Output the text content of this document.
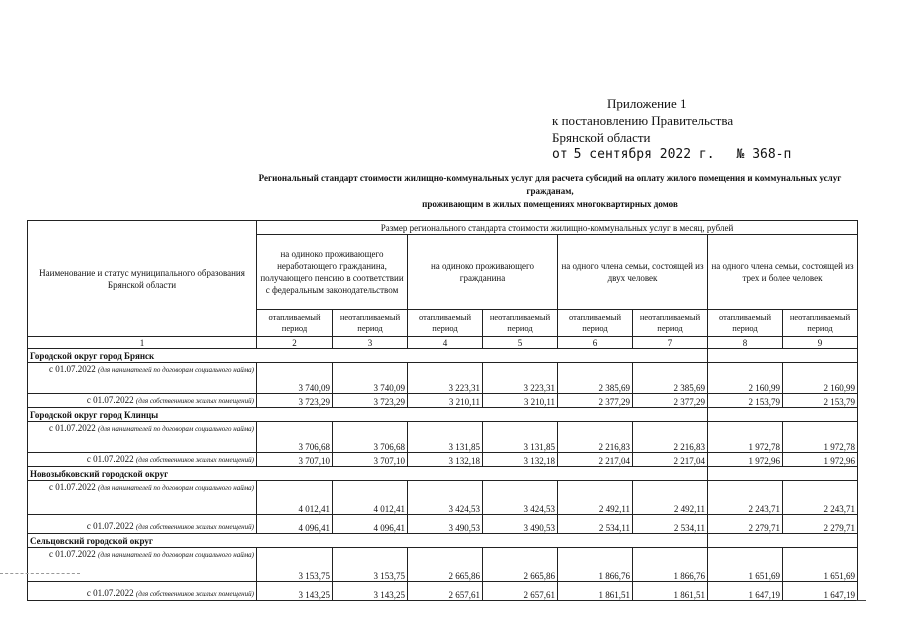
Приложение 1
к постановлению Правительства
Брянской области
от 5 сентября 2022 г. № 368-п
Региональный стандарт стоимости жилищно-коммунальных услуг для расчета субсидий на оплату жилого помещения и коммунальных услуг гражданам,
проживающим в жилых помещениях многоквартирных домов
Наименование и статус муниципального образования Брянской области	Размер регионального стандарта стоимости жилищно-коммунальных услуг в месяц, рублей							
	на одиноко проживающего неработающего гражданина, получающего пенсию в соответствии с федеральным законодательством		на одиноко проживающего гражданина		на одного члена семьи, состоящей из двух человек		на одного члена семьи, состоящей из трех и более человек	
	отапливаемый период	неотапливаемый период	отапливаемый период	неотапливаемый период	отапливаемый период	неотапливаемый период	отапливаемый период	неотапливаемый период
1	2	3	4	5	6	7	8	9
Городской округ город Брянск								
с 01.07.2022 (для нанимателей по договорам социального найма)	3 740,09	3 740,09	3 223,31	3 223,31	2 385,69	2 385,69	2 160,99	2 160,99
с 01.07.2022 (для собственников жилых помещений)	3 723,29	3 723,29	3 210,11	3 210,11	2 377,29	2 377,29	2 153,79	2 153,79
Городской округ город Клинцы								
с 01.07.2022 (для нанимателей по договорам социального найма)	3 706,68	3 706,68	3 131,85	3 131,85	2 216,83	2 216,83	1 972,78	1 972,78
с 01.07.2022 (для собственников жилых помещений)	3 707,10	3 707,10	3 132,18	3 132,18	2 217,04	2 217,04	1 972,96	1 972,96
Новозыбковский городской округ								
с 01.07.2022 (для нанимателей по договорам социального найма)	4 012,41	4 012,41	3 424,53	3 424,53	2 492,11	2 492,11	2 243,71	2 243,71
с 01.07.2022 (для собственников жилых помещений)	4 096,41	4 096,41	3 490,53	3 490,53	2 534,11	2 534,11	2 279,71	2 279,71
Сельцовский городской округ								
с 01.07.2022 (для нанимателей по договорам социального найма)	3 153,75	3 153,75	2 665,86	2 665,86	1 866,76	1 866,76	1 651,69	1 651,69
с 01.07.2022 (для собственников жилых помещений)	3 143,25	3 143,25	2 657,61	2 657,61	1 861,51	1 861,51	1 647,19	1 647,19
